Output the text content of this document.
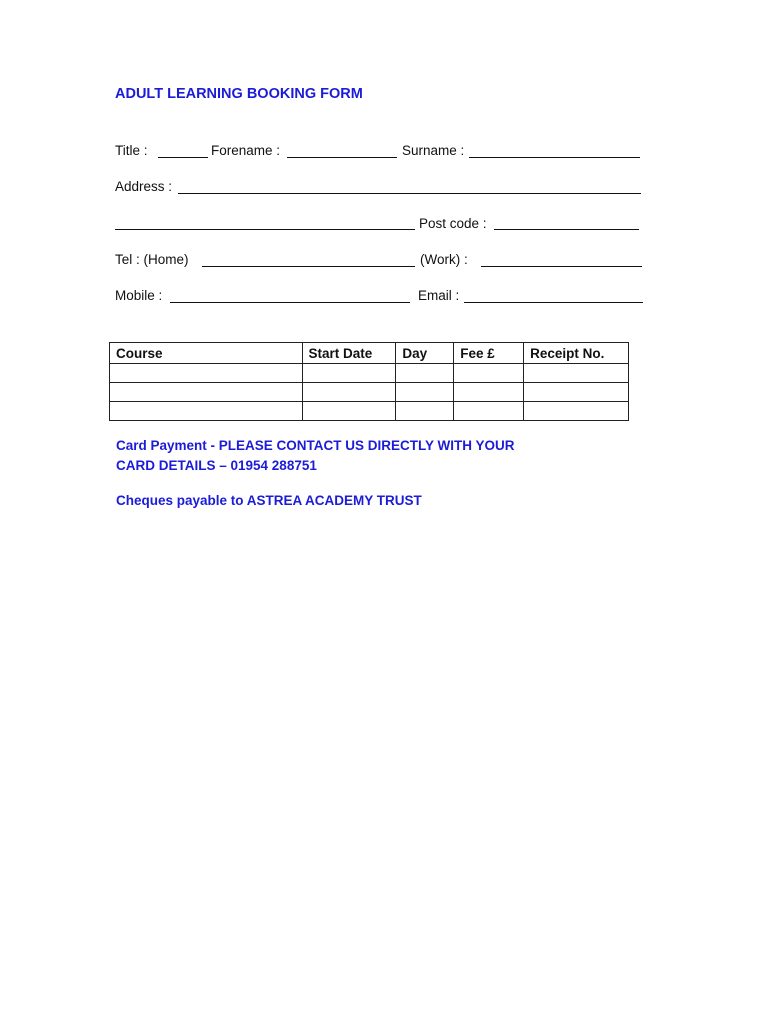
ADULT LEARNING BOOKING FORM
Title :	Forename :	Surname :
Address :
Post code :
Tel : (Home)	(Work) :
Mobile :	Email :
Course	Start Date	Day	Fee £	Receipt No.

Card Payment - PLEASE CONTACT US DIRECTLY WITH YOUR
CARD DETAILS – 01954 288751
Cheques payable to ASTREA ACADEMY TRUST
